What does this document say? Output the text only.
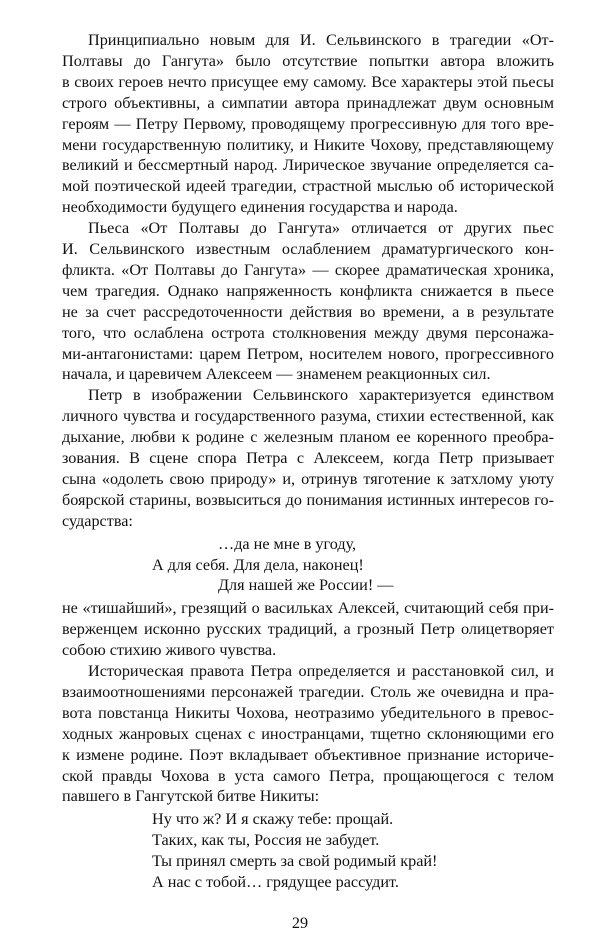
Принципиально новым для И. Сельвинского в трагедии «От-
Полтавы до Гангута» было отсутствие попытки автора вложить
в своих героев нечто присущее ему самому. Все характеры этой пьесы
строго объективны, а симпатии автора принадлежат двум основным
героям — Петру Первому, проводящему прогрессивную для того вре-
мени государственную политику, и Никите Чохову, представляющему
великий и бессмертный народ. Лирическое звучание определяется са-
мой поэтической идеей трагедии, страстной мыслью об исторической
необходимости будущего единения государства и народа.
Пьеса «От Полтавы до Гангута» отличается от других пьес
И. Сельвинского известным ослаблением драматургического кон-
фликта. «От Полтавы до Гангута» — скорее драматическая хроника,
чем трагедия. Однако напряженность конфликта снижается в пьесе
не за счет рассредоточенности действия во времени, а в результате
того, что ослаблена острота столкновения между двумя персонажа-
ми-антагонистами: царем Петром, носителем нового, прогрессивного
начала, и царевичем Алексеем — знаменем реакционных сил.
Петр в изображении Сельвинского характеризуется единством
личного чувства и государственного разума, стихии естественной, как
дыхание, любви к родине с железным планом ее коренного преобра-
зования. В сцене спора Петра с Алексеем, когда Петр призывает
сына «одолеть свою природу» и, отринув тяготение к затхлому уюту
боярской старины, возвыситься до понимания истинных интересов го-
сударства:
…да не мне в угоду,
А для себя. Для дела, наконец!
Для нашей же России! —
не «тишайший», грезящий о васильках Алексей, считающий себя при-
верженцем исконно русских традиций, а грозный Петр олицетворяет
собою стихию живого чувства.
Историческая правота Петра определяется и расстановкой сил, и
взаимоотношениями персонажей трагедии. Столь же очевидна и пра-
вота повстанца Никиты Чохова, неотразимо убедительного в превос-
ходных жанровых сценах с иностранцами, тщетно склоняющими его
к измене родине. Поэт вкладывает объективное признание историче-
ской правды Чохова в уста самого Петра, прощающегося с телом
павшего в Гангутской битве Никиты:
Ну что ж? И я скажу тебе: прощай.
Таких, как ты, Россия не забудет.
Ты принял смерть за свой родимый край!
А нас с тобой… грядущее рассудит.
29
